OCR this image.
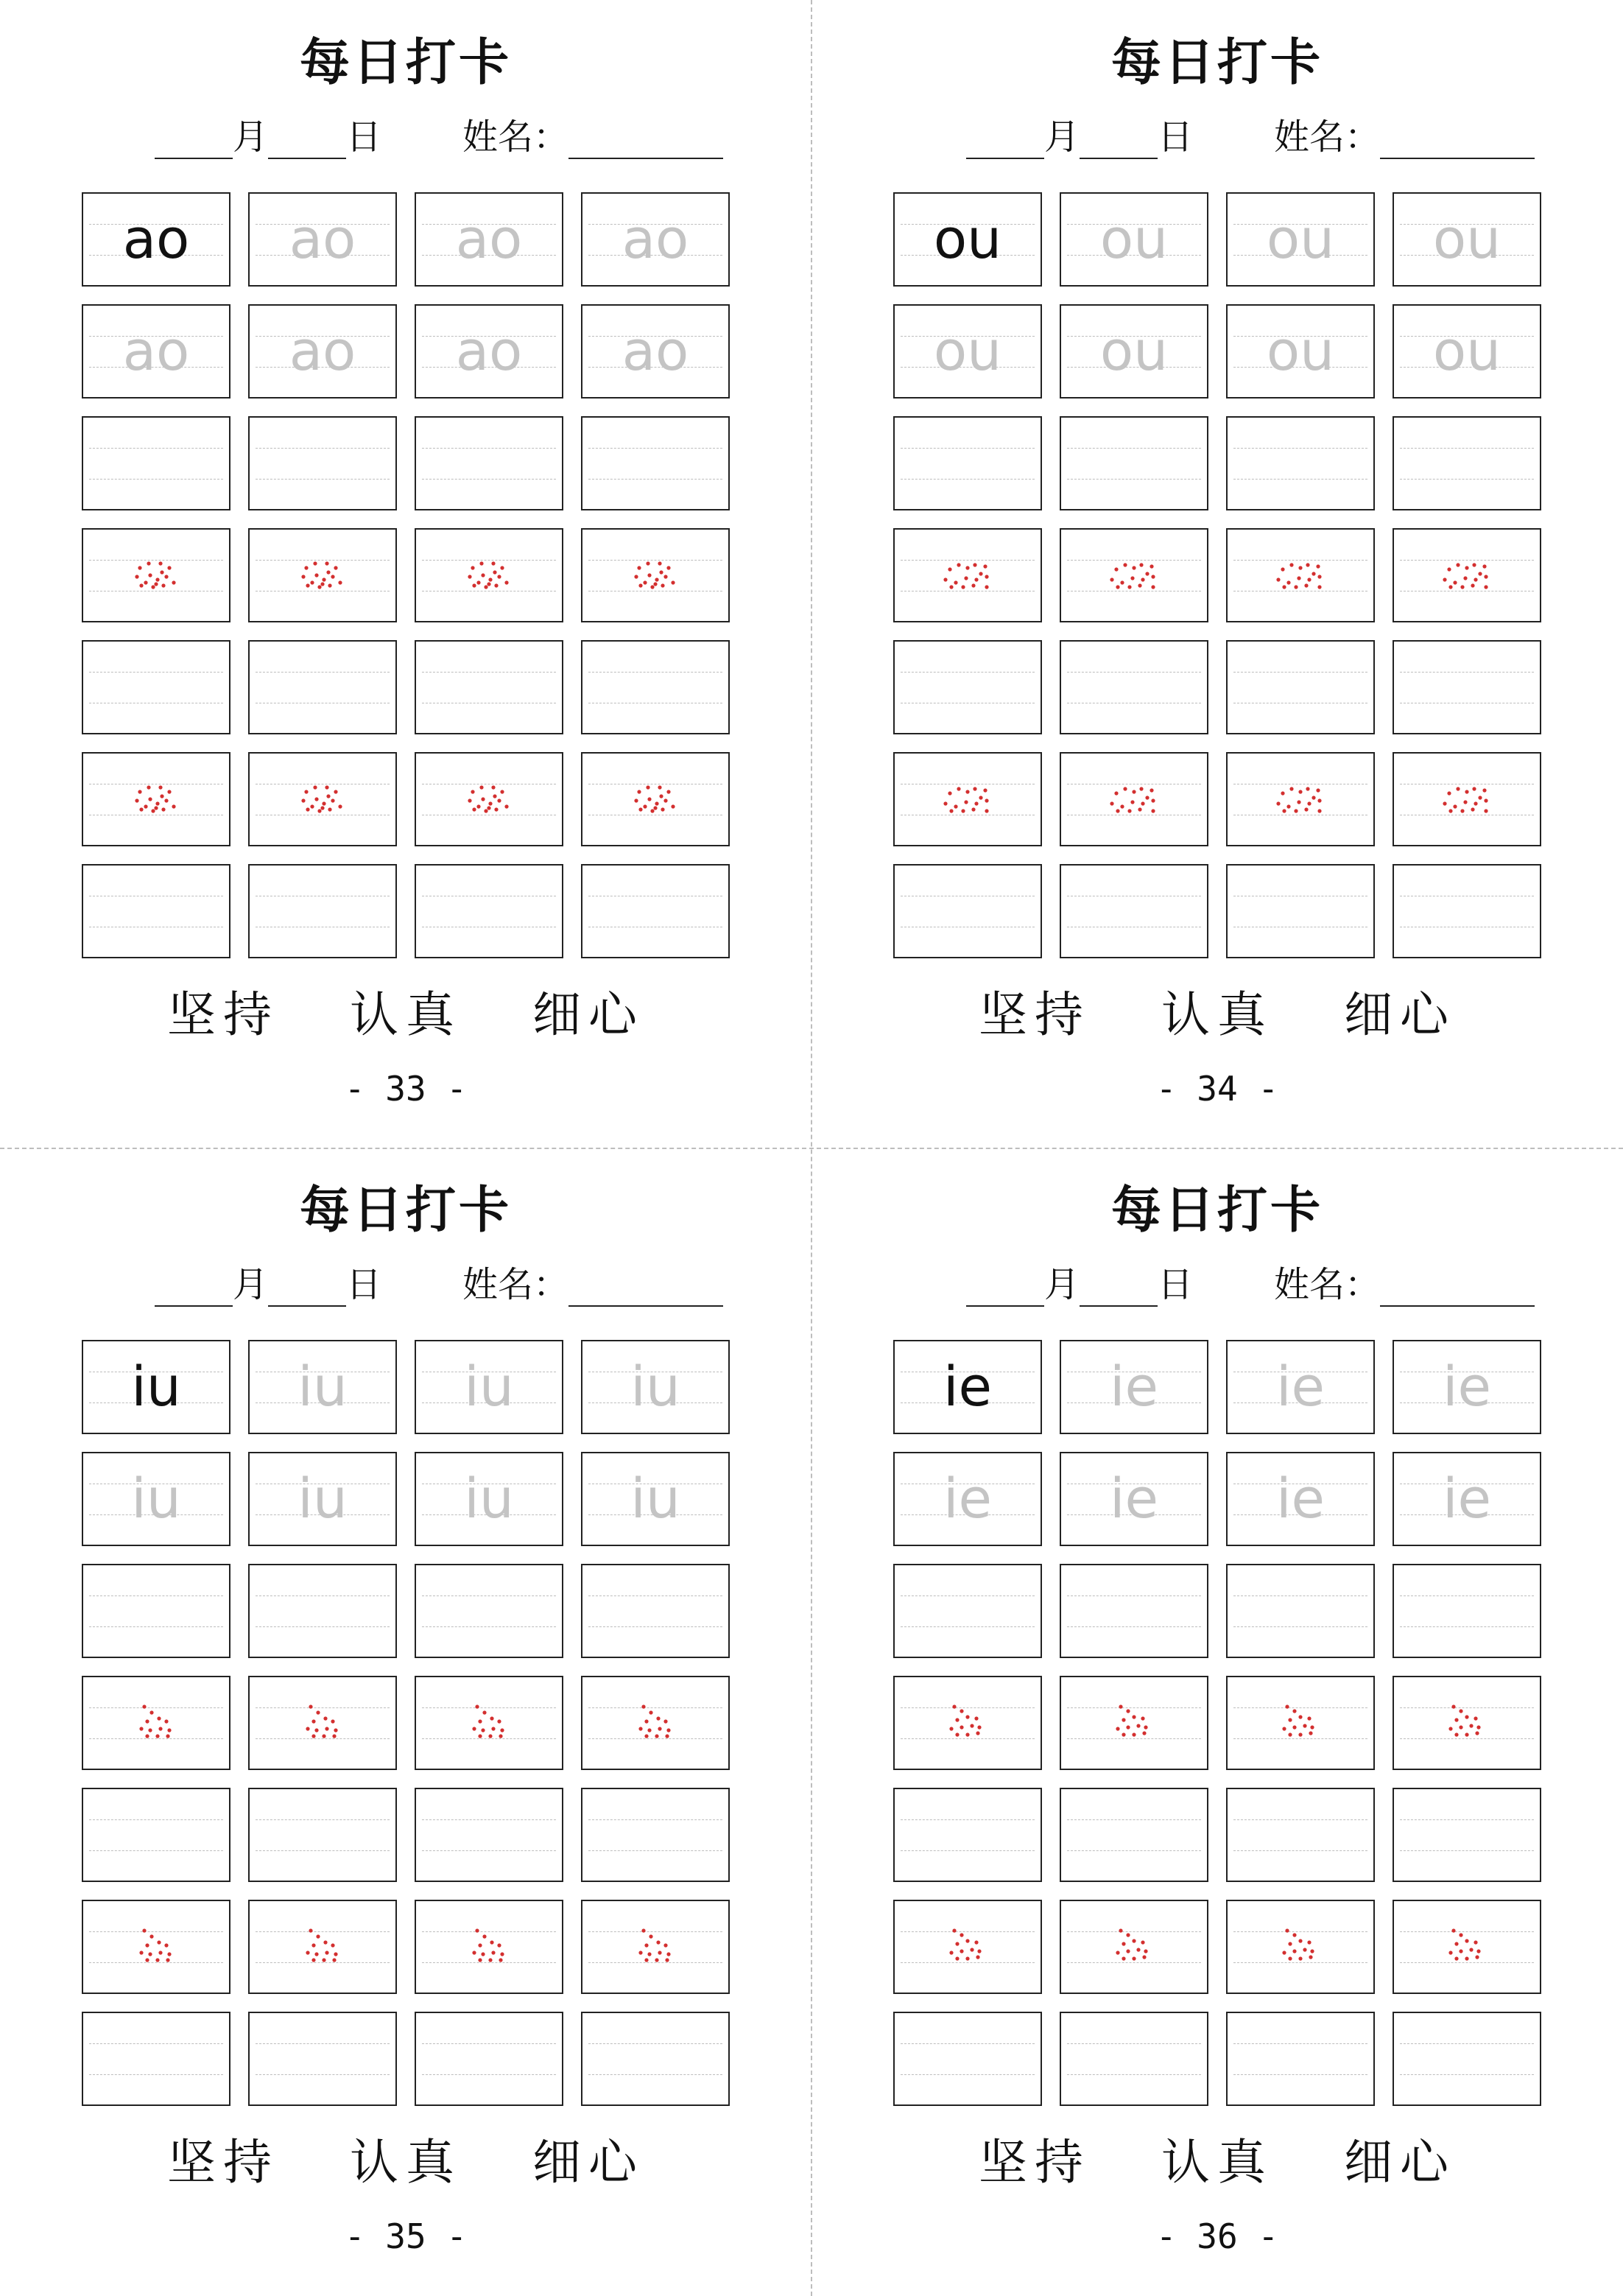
每日打卡
月 日 姓名：
ao	ao	ao	ao
ao	ao	ao	ao
坚持 认真 细心
- 33 -
每日打卡
月 日 姓名：
ou	ou	ou	ou
ou	ou	ou	ou
坚持 认真 细心
- 34 -
每日打卡
月 日 姓名：
iu	iu	iu	iu
iu	iu	iu	iu
坚持 认真 细心
- 35 -
每日打卡
月 日 姓名：
ie	ie	ie	ie
ie	ie	ie	ie
坚持 认真 细心
- 36 -
